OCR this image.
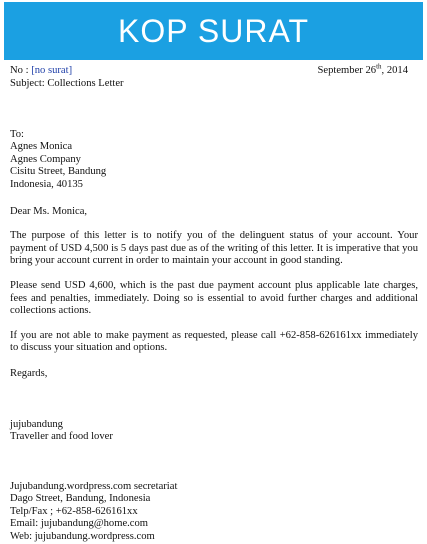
KOP SURAT
No : [no surat]	September 26th, 2014
Subject: Collections Letter
To:
Agnes Monica
Agnes Company
Cisitu Street, Bandung
Indonesia, 40135
Dear Ms. Monica,

The purpose of this letter is to notify you of the delinguent status of your account. Your payment of USD 4,500 is 5 days past due as of the writing of this letter. It is imperative that you bring your account current in order to maintain your account in good standing.

Please send USD 4,600, which is the past due payment account plus applicable late charges, fees and penalties, immediately. Doing so is essential to avoid further charges and additional collections actions.

If you are not able to make payment as requested, please call +62-858-626161xx immediately to discuss your situation and options.

Regards,
jujubandung
Traveller and food lover
Jujubandung.wordpress.com secretariat
Dago Street, Bandung, Indonesia
Telp/Fax ; +62-858-626161xx
Email: jujubandung@home.com
Web: jujubandung.wordpress.com
